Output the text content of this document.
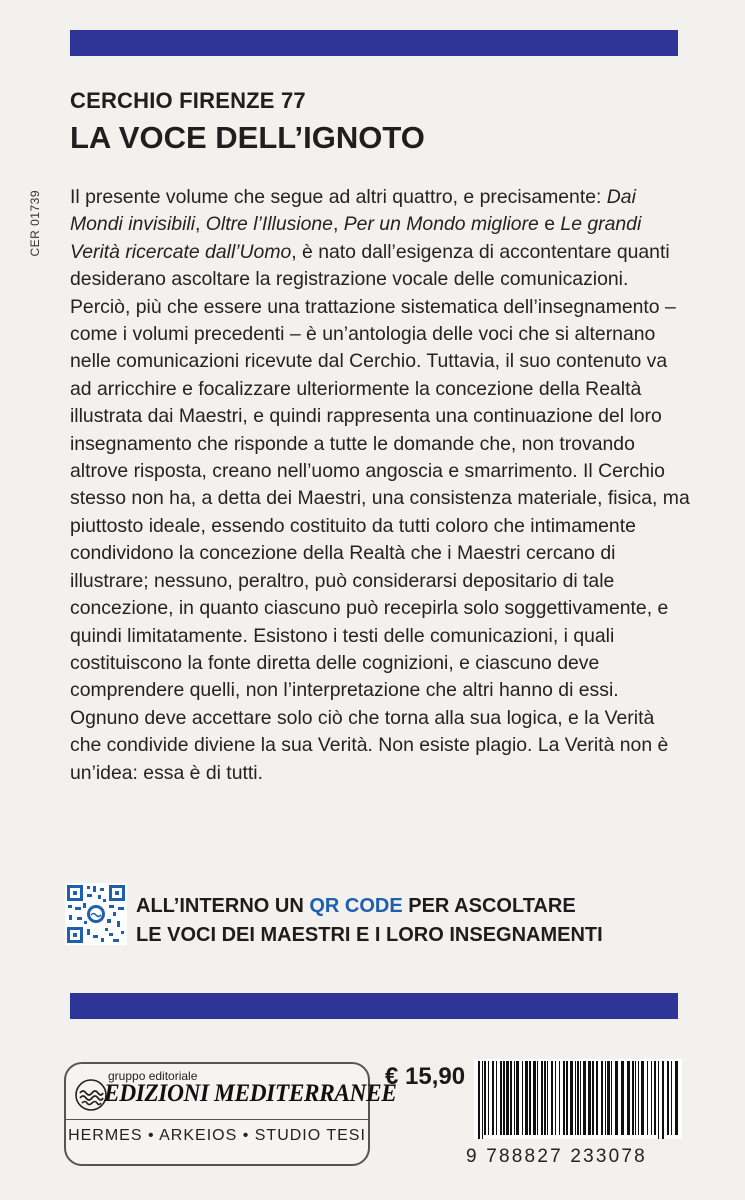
CERCHIO FIRENZE 77
LA VOCE DELL’IGNOTO
CER 01739 Il presente volume che segue ad altri quattro, e precisamente: Dai Mondi invisibili, Oltre l’Illusione, Per un Mondo migliore e Le grandi Verità ricercate dall’Uomo, è nato dall’esigenza di accontentare quanti desiderano ascoltare la registrazione vocale delle comunicazioni. Perciò, più che essere una trattazione sistematica dell’insegnamento – come i volumi precedenti – è un’antologia delle voci che si alternano nelle comunicazioni ricevute dal Cerchio. Tuttavia, il suo contenuto va ad arricchire e focalizzare ulteriormente la concezione della Realtà illustrata dai Maestri, e quindi rappresenta una continuazione del loro insegnamento che risponde a tutte le domande che, non trovando altrove risposta, creano nell’uomo angoscia e smarrimento. Il Cerchio stesso non ha, a detta dei Maestri, una consistenza materiale, fisica, ma piuttosto ideale, essendo costituito da tutti coloro che intimamente condividono la concezione della Realtà che i Maestri cercano di illustrare; nessuno, peraltro, può considerarsi depositario di tale concezione, in quanto ciascuno può recepirla solo soggettivamente, e quindi limitatamente. Esistono i testi delle comunicazioni, i quali costituiscono la fonte diretta delle cognizioni, e ciascuno deve comprendere quelli, non l’interpretazione che altri hanno di essi. Ognuno deve accettare solo ciò che torna alla sua logica, e la Verità che condivide diviene la sua Verità. Non esiste plagio. La Verità non è un’idea: essa è di tutti.

ALL’INTERNO UN QR CODE PER ASCOLTARE
LE VOCI DEI MAESTRI E I LORO INSEGNAMENTI
gruppo editoriale
EDIZIONI MEDITERRANEE
HERMES • ARKEIOS • STUDIO TESI
€ 15,90
9 788827 233078
